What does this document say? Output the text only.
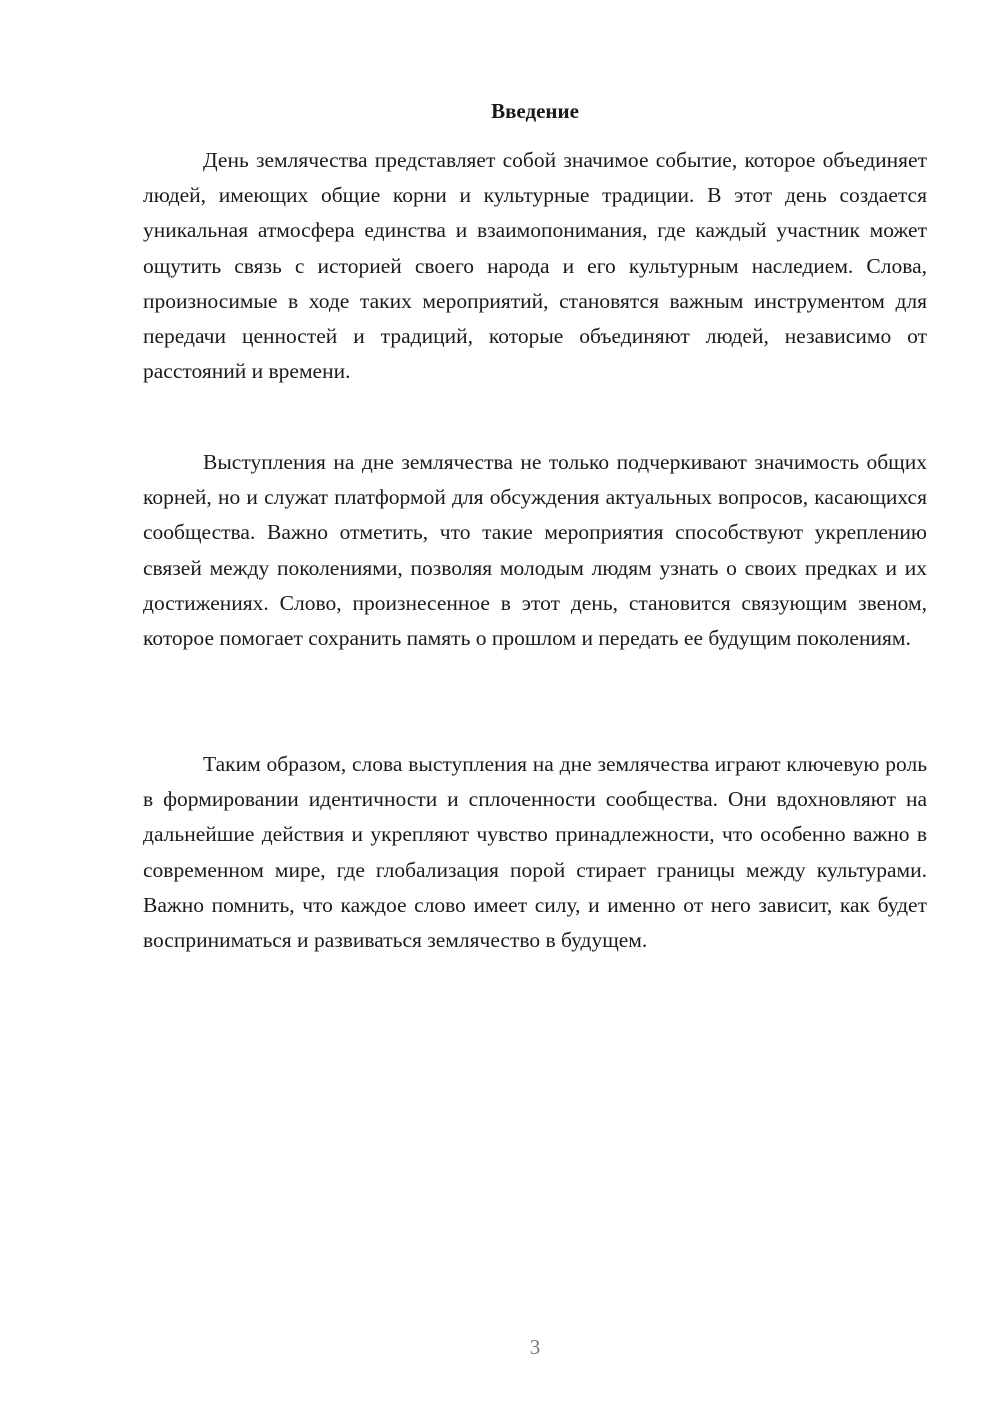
Введение

День землячества представляет собой значимое событие, которое объединяет людей, имеющих общие корни и культурные традиции. В этот день создается уникальная атмосфера единства и взаимопонимания, где каждый участник может ощутить связь с историей своего народа и его культурным наследием. Слова, произносимые в ходе таких мероприятий, становятся важным инструментом для передачи ценностей и традиций, которые объединяют людей, независимо от расстояний и времени.

Выступления на дне землячества не только подчеркивают значимость общих корней, но и служат платформой для обсуждения актуальных вопросов, касающихся сообщества. Важно отметить, что такие мероприятия способствуют укреплению связей между поколениями, позволяя молодым людям узнать о своих предках и их достижениях. Слово, произнесенное в этот день, становится связующим звеном, которое помогает сохранить память о прошлом и передать ее будущим поколениям.

Таким образом, слова выступления на дне землячества играют ключевую роль в формировании идентичности и сплоченности сообщества. Они вдохновляют на дальнейшие действия и укрепляют чувство принадлежности, что особенно важно в современном мире, где глобализация порой стирает границы между культурами. Важно помнить, что каждое слово имеет силу, и именно от него зависит, как будет восприниматься и развиваться землячество в будущем.

3
